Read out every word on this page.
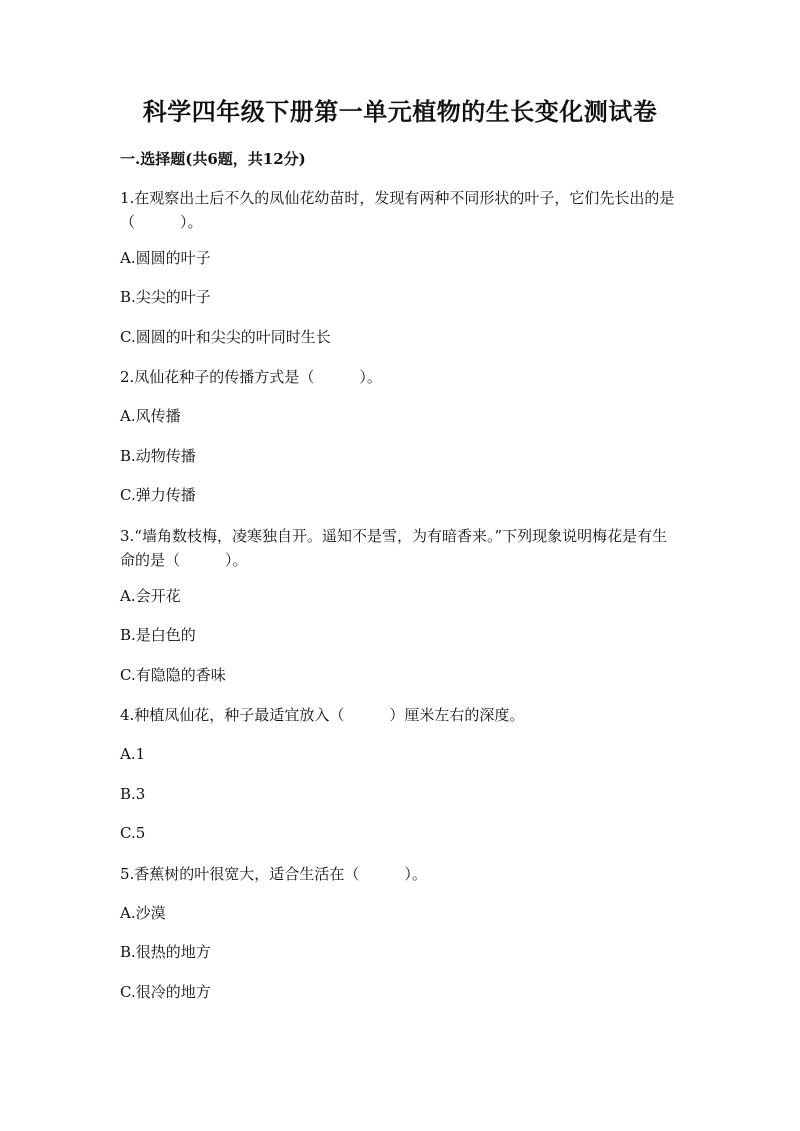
科学四年级下册第一单元植物的生长变化测试卷
一.选择题(共6题，共12分)
1.在观察出土后不久的凤仙花幼苗时，发现有两种不同形状的叶子，它们先长出的是（　　　）。
A.圆圆的叶子
B.尖尖的叶子
C.圆圆的叶和尖尖的叶同时生长
2.凤仙花种子的传播方式是（　　　）。
A.风传播
B.动物传播
C.弹力传播
3.“墙角数枝梅，凌寒独自开。遥知不是雪，为有暗香来。”下列现象说明梅花是有生命的是（　　　）。
A.会开花
B.是白色的
C.有隐隐的香味
4.种植凤仙花，种子最适宜放入（　　　）厘米左右的深度。
A.1
B.3
C.5
5.香蕉树的叶很宽大，适合生活在（　　　）。
A.沙漠
B.很热的地方
C.很冷的地方
